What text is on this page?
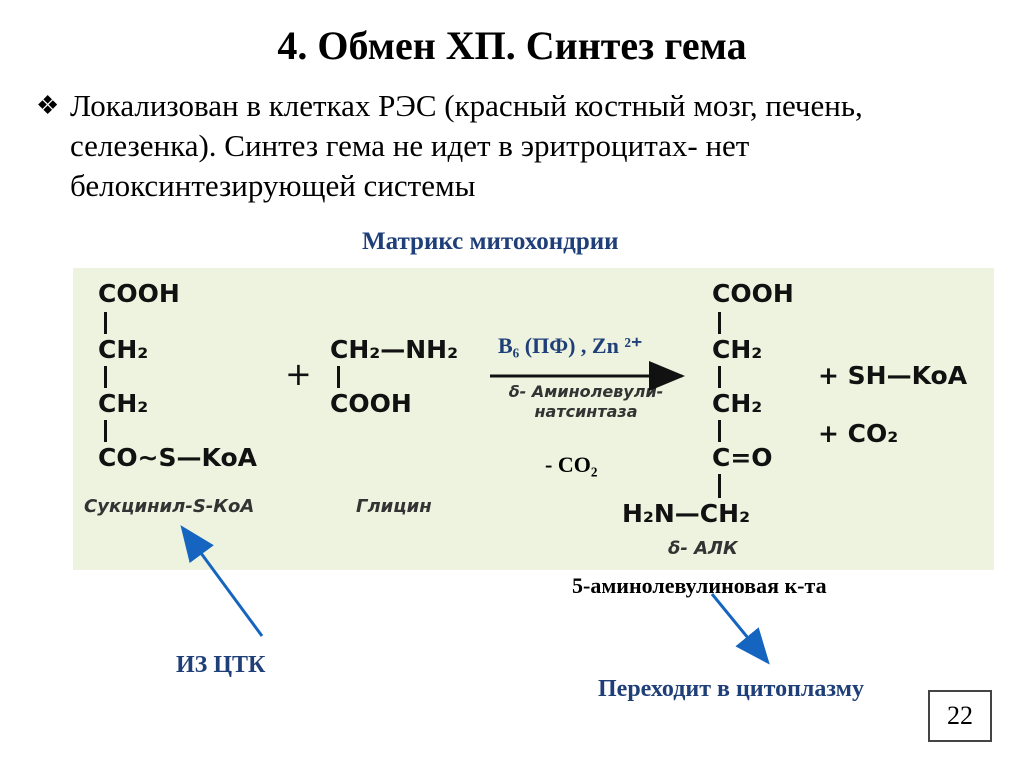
4. Обмен ХП. Синтез гема
❖ Локализован в клетках РЭС (красный костный мозг, печень, селезенка). Синтез гема не идет в эритроцитах- нет белоксинтезирующей системы
Матрикс митохондрии
COOH
CH₂
CH₂
CO∼S—KoA
Сукцинил-S-КоА
+
CH₂—NH₂
COOH
Глицин
B₆ (ПФ) , Zn ²⁺
δ- Аминолевули-
натсинтаза
- CO₂
COOH
CH₂
CH₂
C=O
H₂N—CH₂
δ- АЛК
+ SH—KoA
+ CO₂
5-аминолевулиновая к-та
ИЗ ЦТК
Переходит в цитоплазму
22
